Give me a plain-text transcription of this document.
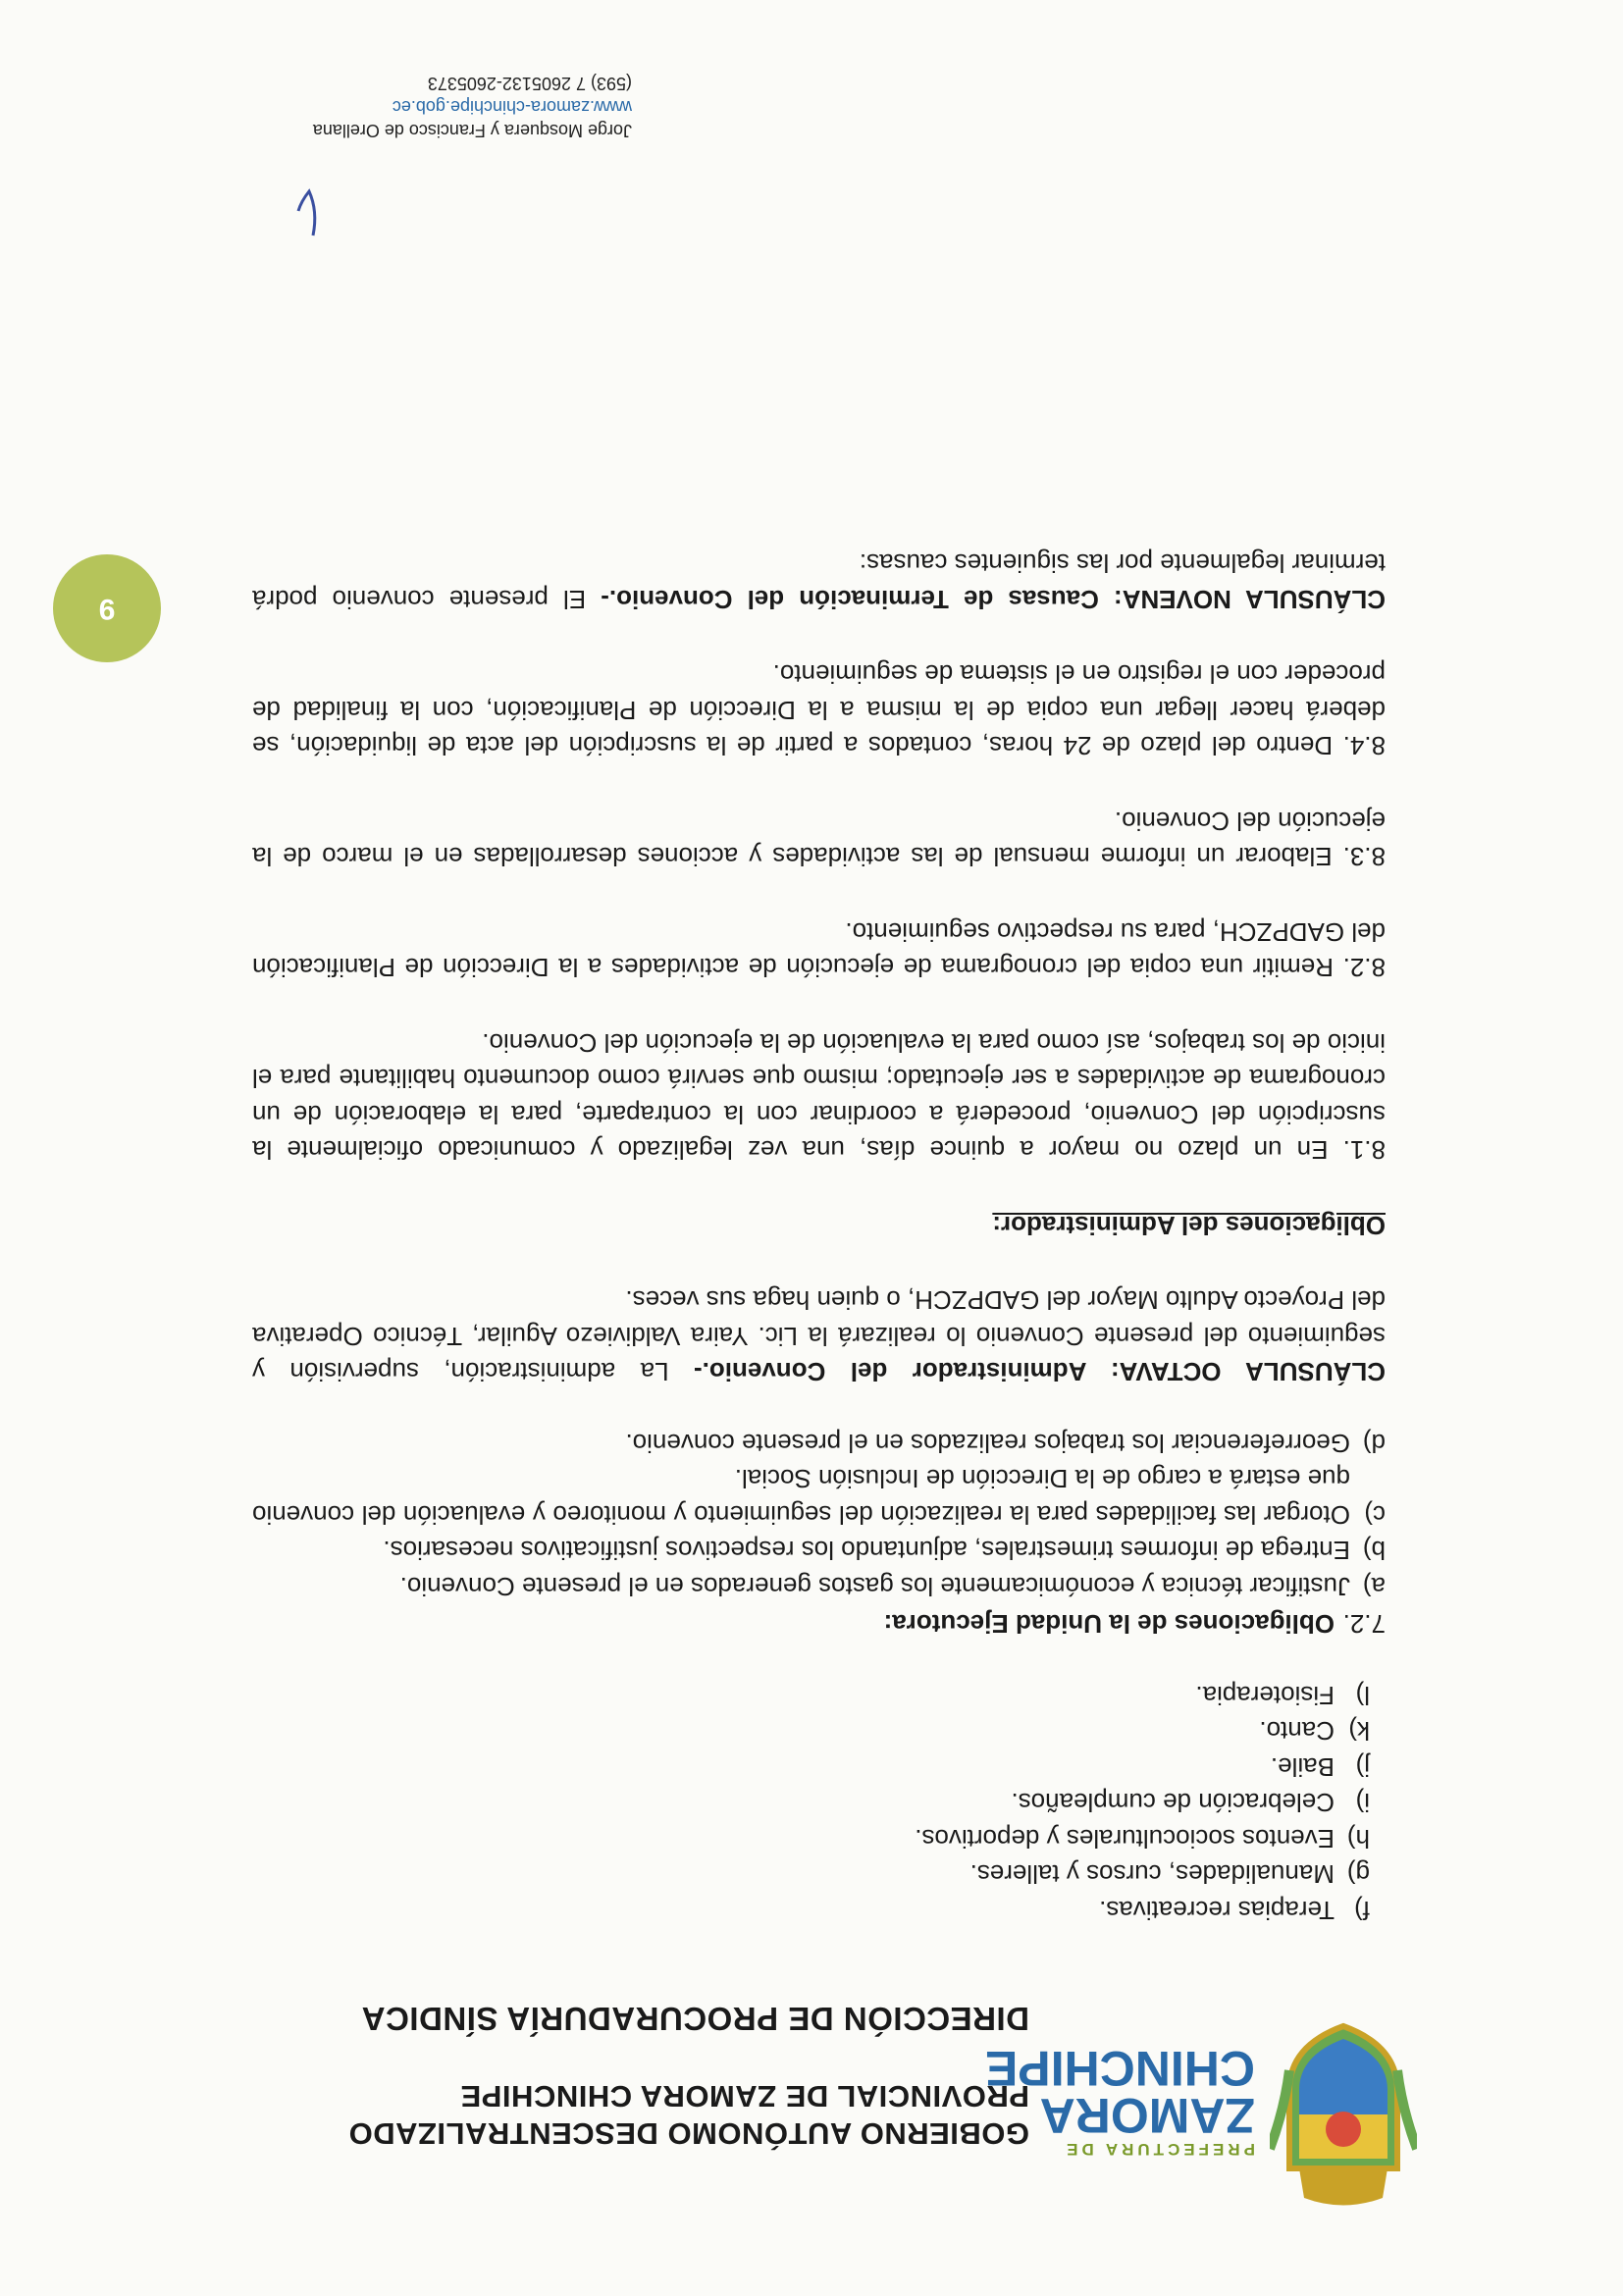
PREFECTURA DE
ZAMORA
CHINCHIPE
GOBIERNO AUTÓNOMO DESCENTRALIZADO
PROVINCIAL DE ZAMORA CHINCHIPE
DIRECCIÓN DE PROCURADURÍA SÍNDICA
f)
Terapias recreativas.
g)
Manualidades, cursos y talleres.
h)
Eventos socioculturales y deportivos.
i)
Celebración de cumpleaños.
j)
Baile.
k)
Canto.
l)
Fisioterapia.
7.2.
Obligaciones de la Unidad Ejecutora:
a)
Justificar técnica y económicamente los gastos generados en el presente Convenio.
b)
Entrega de informes trimestrales, adjuntando los respectivos justificativos necesarios.
c)
Otorgar las facilidades para la realización del seguimiento y monitoreo y evaluación del convenio que estará a cargo de la Dirección de Inclusión Social.
d)
Georreferenciar los trabajos realizados en el presente convenio.

CLÁUSULA OCTAVA: Administrador del Convenio.- La administración, supervisión y seguimiento del presente Convenio lo realizará la Lic. Yaira Valdiviezo Aguilar, Técnico Operativa del Proyecto Adulto Mayor del GADPZCH, o quien haga sus veces.

Obligaciones del Administrador:

8.1. En un plazo no mayor a quince días, una vez legalizado y comunicado oficialmente la suscripción del Convenio, procederá a coordinar con la contraparte, para la elaboración de un cronograma de actividades a ser ejecutado; mismo que servirá como documento habilitante para el inicio de los trabajos, así como para la evaluación de la ejecución del Convenio.

8.2. Remitir una copia del cronograma de ejecución de actividades a la Dirección de Planificación del GADPZCH, para su respectivo seguimiento.

8.3. Elaborar un informe mensual de las actividades y acciones desarrolladas en el marco de la ejecución del Convenio.

8.4. Dentro del plazo de 24 horas, contados a partir de la suscripción del acta de liquidación, se deberá hacer llegar una copia de la misma a la Dirección de Planificación, con la finalidad de proceder con el registro en el sistema de seguimiento.

CLÁUSULA NOVENA: Causas de Terminación del Convenio.- El presente convenio podrá terminar legalmente por las siguientes causas:

9
Jorge Mosquera y Francisco de Orellana
www.zamora-chinchipe.gob.ec
(593) 7 2605132-2605373
